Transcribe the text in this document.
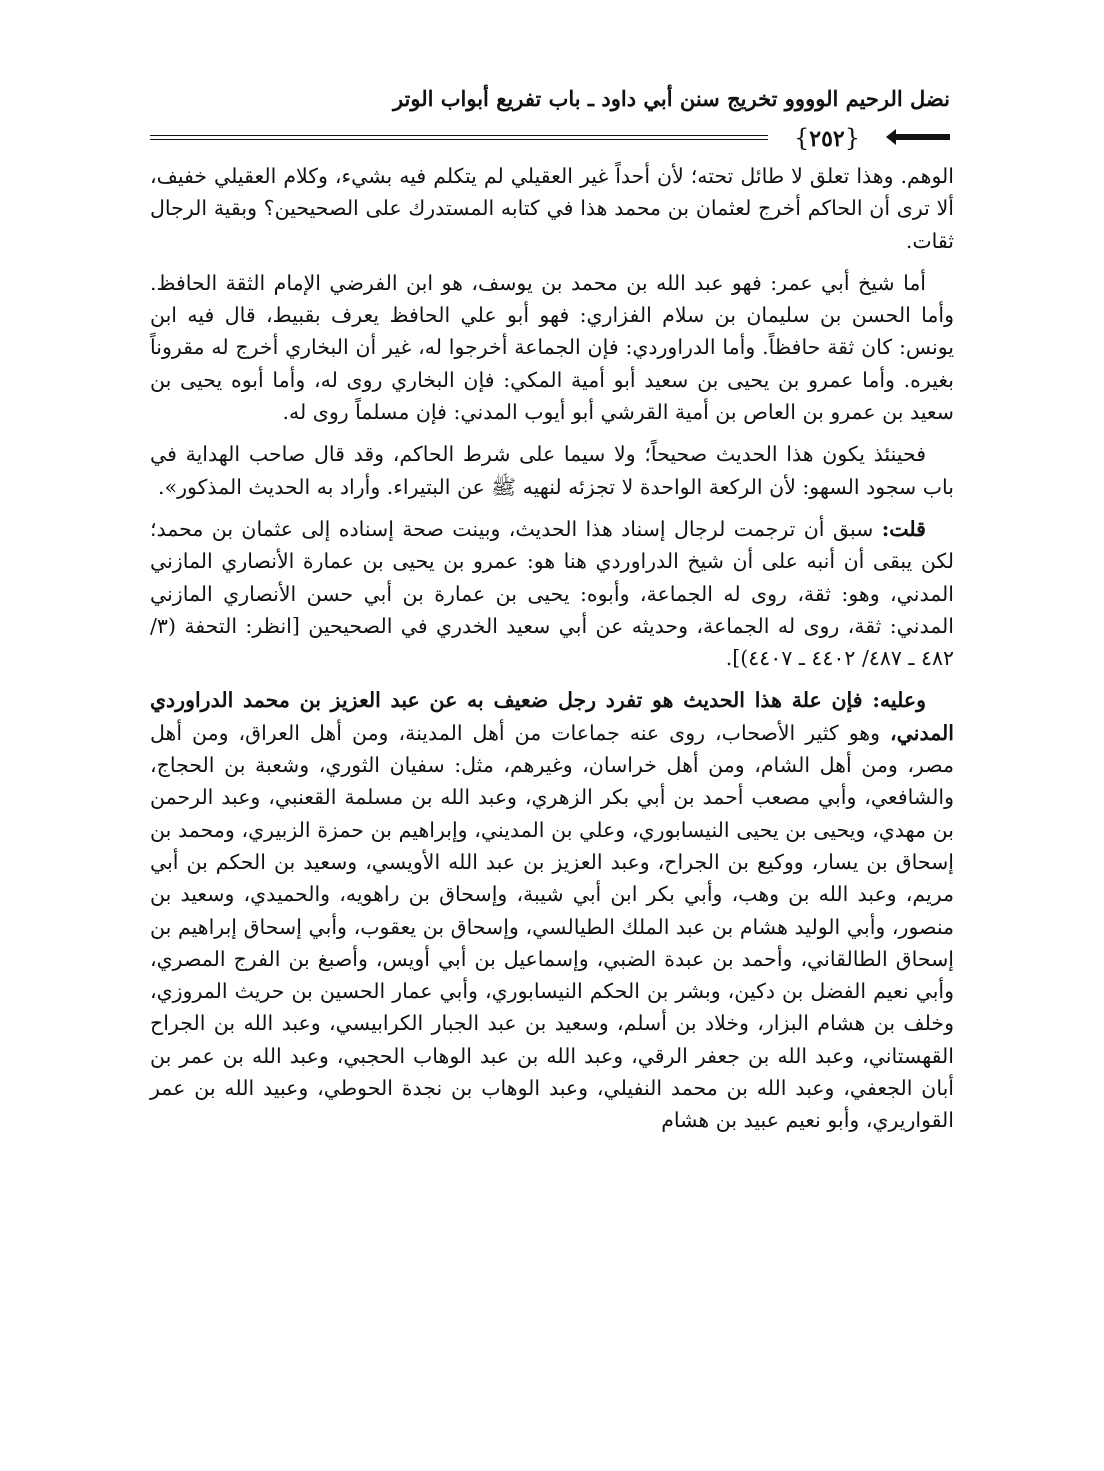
نضل الرحيم الوووو تخريج سنن أبي داود ـ باب تفريع أبواب الوتر
{٢٥٢}

الوهم. وهذا تعلق لا طائل تحته؛ لأن أحداً غير العقيلي لم يتكلم فيه بشيء، وكلام العقيلي خفيف، ألا ترى أن الحاكم أخرج لعثمان بن محمد هذا في كتابه المستدرك على الصحيحين؟ وبقية الرجال ثقات.

أما شيخ أبي عمر: فهو عبد الله بن محمد بن يوسف، هو ابن الفرضي الإمام الثقة الحافظ. وأما الحسن بن سليمان بن سلام الفزاري: فهو أبو علي الحافظ يعرف بقبيط، قال فيه ابن يونس: كان ثقة حافظاً. وأما الدراوردي: فإن الجماعة أخرجوا له، غير أن البخاري أخرج له مقروناً بغيره. وأما عمرو بن يحيى بن سعيد أبو أمية المكي: فإن البخاري روى له، وأما أبوه يحيى بن سعيد بن عمرو بن العاص بن أمية القرشي أبو أيوب المدني: فإن مسلماً روى له.

فحينئذ يكون هذا الحديث صحيحاً؛ ولا سيما على شرط الحاكم، وقد قال صاحب الهداية في باب سجود السهو: لأن الركعة الواحدة لا تجزئه لنهيه ﷺ عن البتيراء. وأراد به الحديث المذكور».

قلت: سبق أن ترجمت لرجال إسناد هذا الحديث، وبينت صحة إسناده إلى عثمان بن محمد؛ لكن يبقى أن أنبه على أن شيخ الدراوردي هنا هو: عمرو بن يحيى بن عمارة الأنصاري المازني المدني، وهو: ثقة، روى له الجماعة، وأبوه: يحيى بن عمارة بن أبي حسن الأنصاري المازني المدني: ثقة، روى له الجماعة، وحديثه عن أبي سعيد الخدري في الصحيحين [انظر: التحفة (٣/ ٤٨٢ ـ ٤٨٧/ ٤٤٠٢ ـ ٤٤٠٧)].

وعليه: فإن علة هذا الحديث هو تفرد رجل ضعيف به عن عبد العزيز بن محمد الدراوردي المدني، وهو كثير الأصحاب، روى عنه جماعات من أهل المدينة، ومن أهل العراق، ومن أهل مصر، ومن أهل الشام، ومن أهل خراسان، وغيرهم، مثل: سفيان الثوري، وشعبة بن الحجاج، والشافعي، وأبي مصعب أحمد بن أبي بكر الزهري، وعبد الله بن مسلمة القعنبي، وعبد الرحمن بن مهدي، ويحيى بن يحيى النيسابوري، وعلي بن المديني، وإبراهيم بن حمزة الزبيري، ومحمد بن إسحاق بن يسار، ووكيع بن الجراح، وعبد العزيز بن عبد الله الأويسي، وسعيد بن الحكم بن أبي مريم، وعبد الله بن وهب، وأبي بكر ابن أبي شيبة، وإسحاق بن راهويه، والحميدي، وسعيد بن منصور، وأبي الوليد هشام بن عبد الملك الطيالسي، وإسحاق بن يعقوب، وأبي إسحاق إبراهيم بن إسحاق الطالقاني، وأحمد بن عبدة الضبي، وإسماعيل بن أبي أويس، وأصبغ بن الفرج المصري، وأبي نعيم الفضل بن دكين، وبشر بن الحكم النيسابوري، وأبي عمار الحسين بن حريث المروزي، وخلف بن هشام البزار، وخلاد بن أسلم، وسعيد بن عبد الجبار الكرابيسي، وعبد الله بن الجراح القهستاني، وعبد الله بن جعفر الرقي، وعبد الله بن عبد الوهاب الحجبي، وعبد الله بن عمر بن أبان الجعفي، وعبد الله بن محمد النفيلي، وعبد الوهاب بن نجدة الحوطي، وعبيد الله بن عمر القواريري، وأبو نعيم عبيد بن هشام
